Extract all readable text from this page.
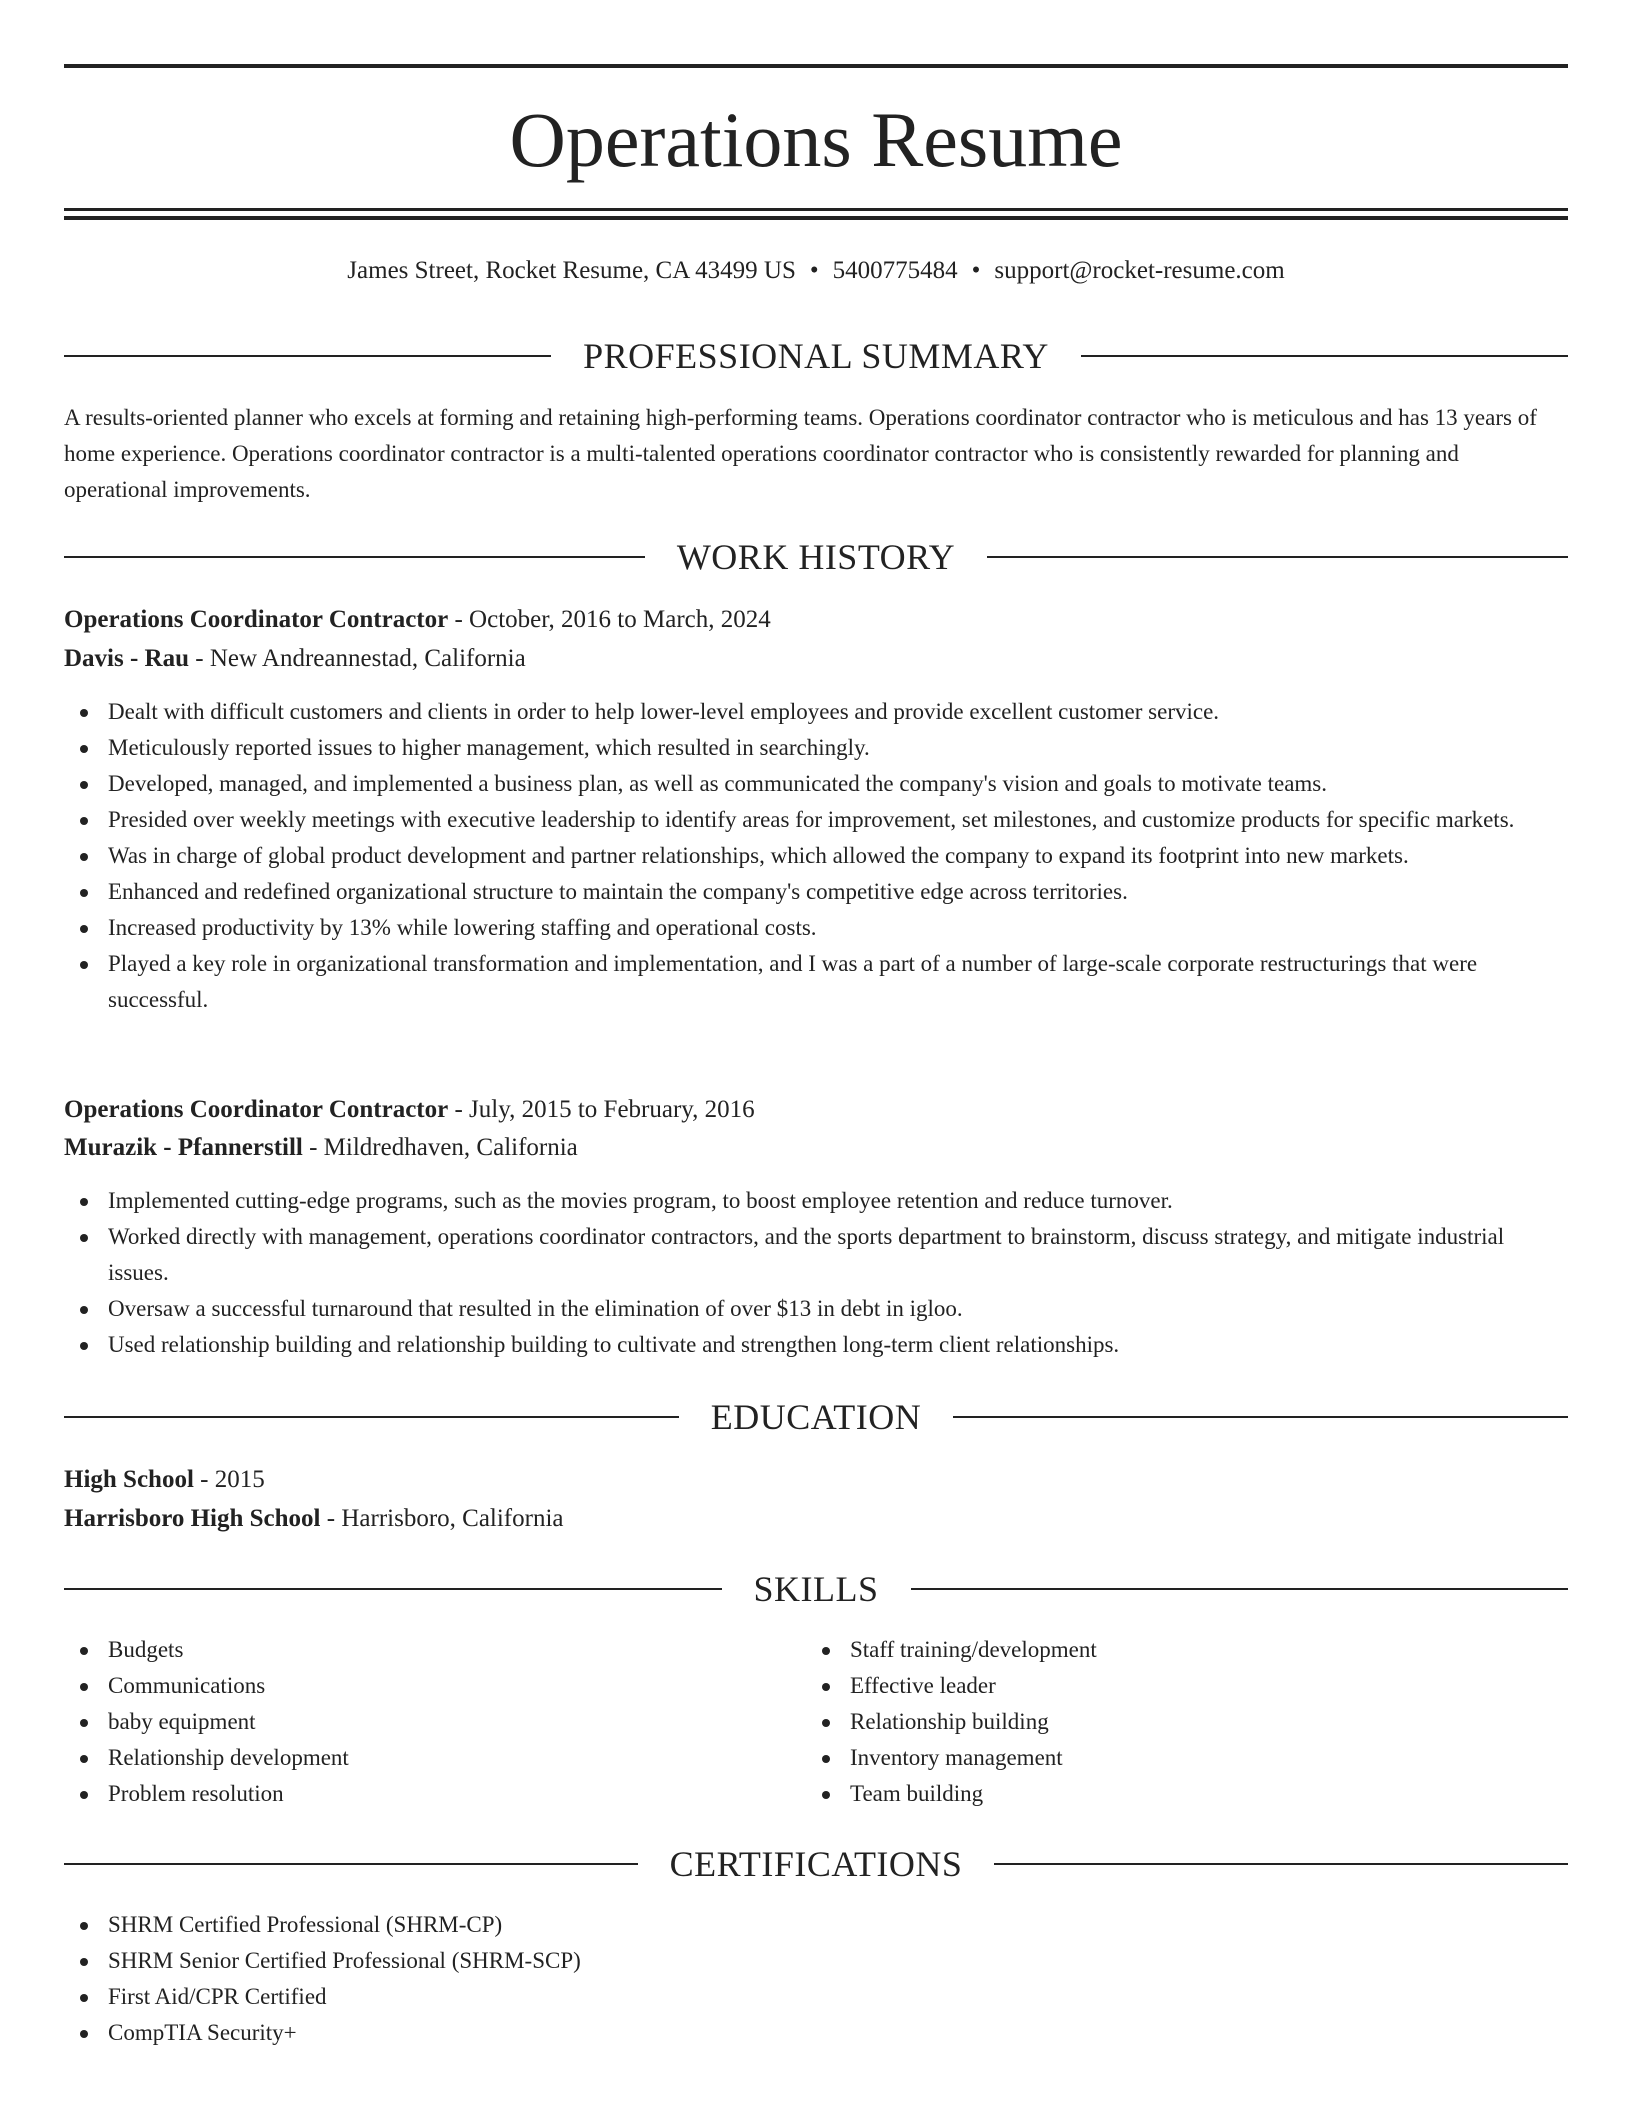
Operations Resume
James Street, Rocket Resume, CA 43499 US • 5400775484 • support@rocket-resume.com
PROFESSIONAL SUMMARY
A results-oriented planner who excels at forming and retaining high-performing teams. Operations coordinator contractor who is meticulous and has 13 years of home experience. Operations coordinator contractor is a multi-talented operations coordinator contractor who is consistently rewarded for planning and operational improvements.
WORK HISTORY
Operations Coordinator Contractor - October, 2016 to March, 2024
Davis - Rau - New Andreannestad, California
Dealt with difficult customers and clients in order to help lower-level employees and provide excellent customer service.
Meticulously reported issues to higher management, which resulted in searchingly.
Developed, managed, and implemented a business plan, as well as communicated the company's vision and goals to motivate teams.
Presided over weekly meetings with executive leadership to identify areas for improvement, set milestones, and customize products for specific markets.
Was in charge of global product development and partner relationships, which allowed the company to expand its footprint into new markets.
Enhanced and redefined organizational structure to maintain the company's competitive edge across territories.
Increased productivity by 13% while lowering staffing and operational costs.
Played a key role in organizational transformation and implementation, and I was a part of a number of large-scale corporate restructurings that were successful.
Operations Coordinator Contractor - July, 2015 to February, 2016
Murazik - Pfannerstill - Mildredhaven, California
Implemented cutting-edge programs, such as the movies program, to boost employee retention and reduce turnover.
Worked directly with management, operations coordinator contractors, and the sports department to brainstorm, discuss strategy, and mitigate industrial issues.
Oversaw a successful turnaround that resulted in the elimination of over $13 in debt in igloo.
Used relationship building and relationship building to cultivate and strengthen long-term client relationships.
EDUCATION
High School - 2015
Harrisboro High School - Harrisboro, California
SKILLS
Budgets
Communications
baby equipment
Relationship development
Problem resolution
Staff training/development
Effective leader
Relationship building
Inventory management
Team building
CERTIFICATIONS
SHRM Certified Professional (SHRM-CP)
SHRM Senior Certified Professional (SHRM-SCP)
First Aid/CPR Certified
CompTIA Security+
